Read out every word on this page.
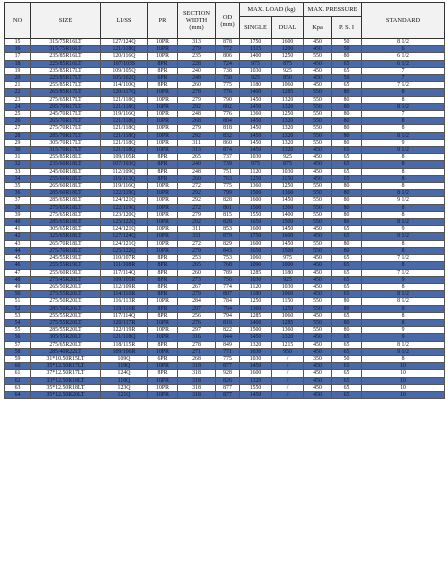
NO	SIZE	LI/SS	PR	SECTION WIDTH (mm)	OD (mm)	MAX. LOAD (kg)		MAX. PRESSURE		STANDARD
						SINGLE	DUAL	Kpa	P. S. I	
15	315/75R16LT	127/124Q	10PR	313	878	1750	1600	450	50	8 1/2
16	315/75R16LT	121/118Q	10PR	279	772	1315	1200	450	50	6
17	235/85R16LT	120/116Q	10PR	235	806	1400	1250	550	80	6 1/2
18	225/85R16LT	107/103S	8PR	228	724	975	875	450	65	6 1/2
19	235/85R17LT	109/105Q	8PR	240	738	1030	925	450	65	7
20	225/85R17LT	105/102Q	6PR	248	750	925	850	450	50	7
21	255/85R17LT	114/110Q	8PR	260	775	1180	1060	450	65	7 1/2
22	265/85R17LT	120/117Q	10PR	278	776	1400	1285	550	80	8
23	275/65R17LT	121/118Q	10PR	279	790	1450	1320	550	80	8
24	295/70R17LT	121/118Q	10PR	292	802	1450	1320	550	80	8 1/2
25	245/70R17LT	119/116Q	10PR	248	776	1360	1250	550	80	7
26	265/70R17LT	121/118Q	10PR	268	804	1450	1320	550	80	8
27	275/70R17LT	121/118Q	10PR	279	818	1450	1320	550	80	8
28	285/70R17LT	121/118Q	10PR	292	832	1450	1320	550	80	8 1/2
29	305/70R17LT	121/118Q	10PR	311	860	1450	1320	550	80	9
30	315/70R17LT	121/118Q	10PR	313	874	1450	1320	450	65	9 1/2
31	255/85R18LT	109/105R	8PR	265	737	1030	925	450	65	8
32	235/60R18LT	107/103Q	8PR	240	739	975	875	450	65	8
33	245/60R18LT	112/109Q	8PR	248	751	1120	1030	450	65	8
34	255/60R18LT	116/113Q	8PR	260	763	1250	1150	450	65	8
35	265/60R18LT	119/116Q	10PR	272	775	1360	1250	550	80	8
36	285/60R18LT	122/119Q	10PR	292	799	1500	1360	550	80	8 1/2
37	285/65R18LT	124/121Q	10PR	292	828	1600	1450	550	80	9 1/2
38	275/65R18LT	122/119Q	10PR	272	801	1500	1360	550	80	8
39	275/65R18LT	123/120Q	10PR	279	815	1550	1400	550	80	8
40	285/65R18LT	125/122Q	10PR	292	828	1650	1500	550	80	8 1/2
41	305/65R18LT	124/121Q	10PR	311	853	1600	1450	450	65	9
42	325/65R18LT	127/124Q	10PR	331	879	1750	1600	450	65	9 1/2
43	265/70R18LT	124/121Q	10PR	272	829	1600	1450	550	80	8
44	275/70R18LT	125/122Q	10PR	279	843	1650	1500	550	80	8
45	245/55R19LT	110/107R	8PR	253	753	1060	975	450	65	7 1/2
46	255/55R19LT	111/108R	8PR	265	768	1090	1000	450	65	8
47	255/60R19LT	117/114Q	8PR	260	789	1285	1180	450	65	7 1/2
48	275/45R20LT	109/105R	8PR	273	756	1030	925	450	65	9
49	265/50R20LT	112/109R	8PR	267	774	1120	1030	450	65	8
50	275/55R20LT	114/110R	8PR	279	807	1180	1060	450	65	8 1/2
51	275/50R20LT	116/113R	10PR	284	784	1250	1150	550	80	8 1/2
52	285/50R20LT	119/116R	8PR	297	794	1360	1250	550	80	9
53	255/55R20LT	117/114Q	8PR	256	794	1285	1060	450	65	8
54	275/55R20LT	120/117R	10PR	276	810	1400	1285	550	80	8
55	285/55R20LT	122/119R	10PR	297	822	1500	1360	550	80	9
56	305/55R20LT	121/118Q	10PR	316	844	1450	1320	450	65	9
57	275/65R20LT	118/115R	8PR	278	849	1320	1215	450	65	8 1/2
58	285/40R22LT	109/106R	10PR	271	771	1030	950	450	65	9 1/2
59	31*10.50R15LT	109Q	6PR	268	775	1030	/	350	50	8
60	35*12.50R17LT	119Q	10PR	318	877	1450	/	450	65	10
61	37*12.50R17LT	124Q	8PR	318	928	1600	/	450	65	10
62	33*12.50R18LT	118Q	10PR	318	826	1320	/	450	65	10
63	35*12.50R18LT	123Q	10PR	318	877	1550	/	450	65	10
64	35*12.50R20LT	121Q	10PR	318	877	1450	/	450	65	10
